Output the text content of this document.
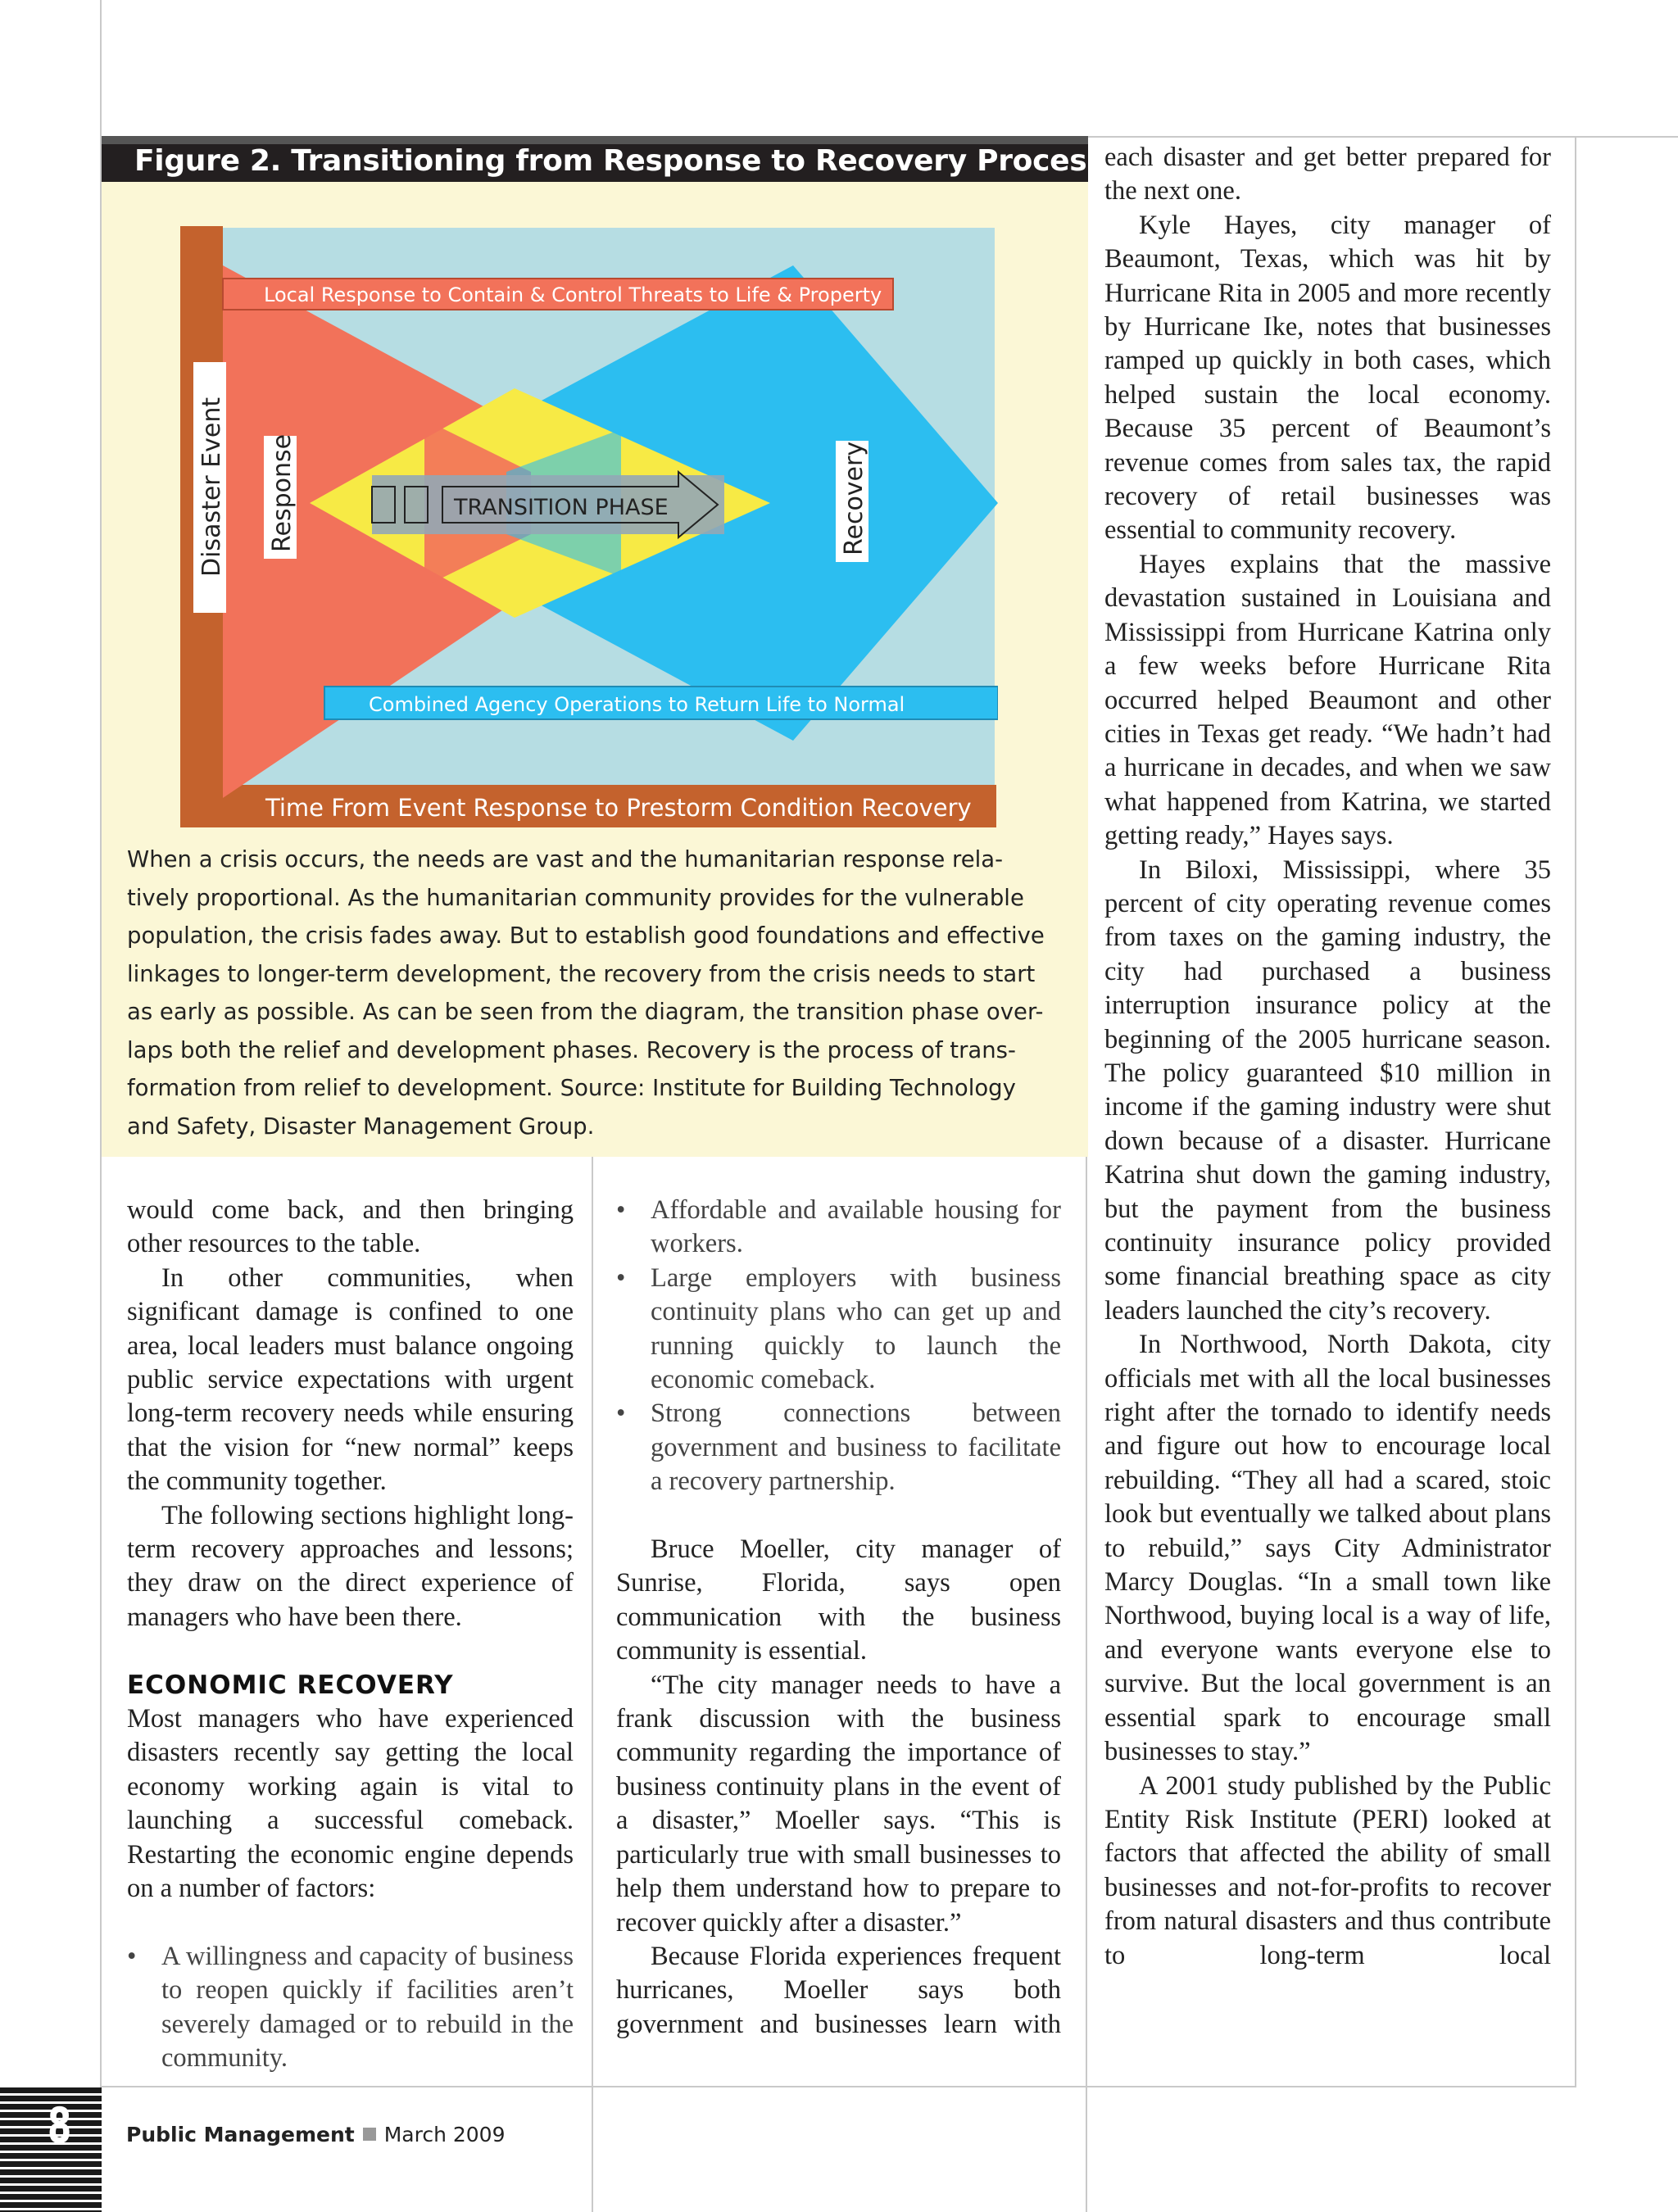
Figure 2. Transitioning from Response to Recovery Process.
Local Response to Contain & Control Threats to Life & Property
TRANSITION PHASE
Disaster Event Response	Recovery
Combined Agency Operations to Return Life to Normal
Time From Event Response to Prestorm Condition Recovery
When a crisis occurs, the needs are vast and the humanitarian response rela-
tively proportional. As the humanitarian community provides for the vulnerable
population, the crisis fades away. But to establish good foundations and effective
linkages to longer-term development, the recovery from the crisis needs to start
as early as possible. As can be seen from the diagram, the transition phase over-
laps both the relief and development phases. Recovery is the process of trans-
formation from relief to development. Source: Institute for Building Technology
and Safety, Disaster Management Group.

would come back, and then bringing other resources to the table.

In other communities, when significant damage is confined to one area, local leaders must balance ongoing public service expectations with urgent long-term recovery needs while ensuring that the vision for “new normal” keeps the community together.

The following sections highlight long-term recovery approaches and lessons; they draw on the direct experience of managers who have been there.

ECONOMIC RECOVERY

Most managers who have experienced disasters recently say getting the local economy working again is vital to launching a successful comeback. Restarting the economic engine depends on a number of factors:

• A willingness and capacity of business to reopen quickly if facilities aren’t severely damaged or to rebuild in the community.

• Affordable and available housing for workers.

• Large employers with business continuity plans who can get up and running quickly to launch the economic comeback.

• Strong connections between government and business to facilitate a recovery partnership.

Bruce Moeller, city manager of Sunrise, Florida, says open communication with the business community is essential.

“The city manager needs to have a frank discussion with the business community regarding the importance of business continuity plans in the event of a disaster,” Moeller says. “This is particularly true with small businesses to help them understand how to prepare to recover quickly after a disaster.”

Because Florida experiences frequent hurricanes, Moeller says both government and businesses learn with

each disaster and get better prepared for the next one.

Kyle Hayes, city manager of Beaumont, Texas, which was hit by Hurricane Rita in 2005 and more recently by Hurricane Ike, notes that businesses ramped up quickly in both cases, which helped sustain the local economy. Because 35 percent of Beaumont’s revenue comes from sales tax, the rapid recovery of retail businesses was essential to community recovery.

Hayes explains that the massive devastation sustained in Louisiana and Mississippi from Hurricane Katrina only a few weeks before Hurricane Rita occurred helped Beaumont and other cities in Texas get ready. “We hadn’t had a hurricane in decades, and when we saw what happened from Katrina, we started getting ready,” Hayes says.

In Biloxi, Mississippi, where 35 percent of city operating revenue comes from taxes on the gaming industry, the city had purchased a business interruption insurance policy at the beginning of the 2005 hurricane season. The policy guaranteed $10 million in income if the gaming industry were shut down because of a disaster. Hurricane Katrina shut down the gaming industry, but the payment from the business continuity insurance policy provided some financial breathing space as city leaders launched the city’s recovery.

In Northwood, North Dakota, city officials met with all the local businesses right after the tornado to identify needs and figure out how to encourage local rebuilding. “They all had a scared, stoic look but eventually we talked about plans to rebuild,” says City Administrator Marcy Douglas. “In a small town like Northwood, buying local is a way of life, and everyone wants everyone else to survive. But the local government is an essential spark to encourage small businesses to stay.”

A 2001 study published by the Public Entity Risk Institute (PERI) looked at factors that affected the ability of small businesses and not-for-profits to recover from natural disasters and thus contribute to long-term local

8	Public Management March 2009
